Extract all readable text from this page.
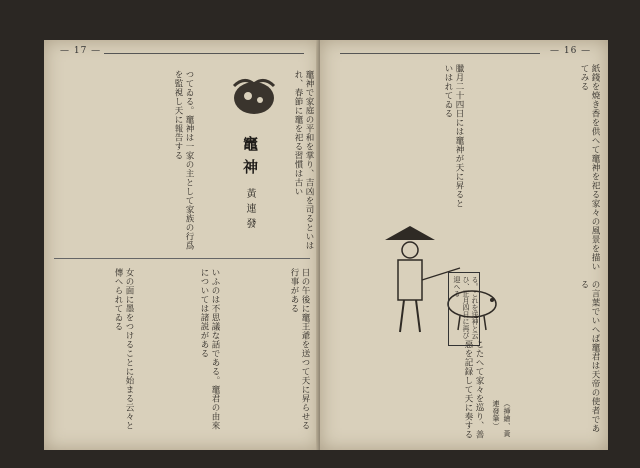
— 17 —
竈神
黃連發	竈神で家庭の平和を掌り、吉凶を司るといはれ、春節に竈を祀る習慣は古い
つてゐる。竈神は一家の主として家族の行爲を監視し天に報告する
日の午後に竈王爺を送つて天に昇らせる行事がある
いふのは不思議な話である。竈君の由來については諸説がある
女の面に墨をつけることに始まる云々と傳へられてゐる
— 16 —
紙錢を焼き香を供へて竈神を祀る家々の風景を描いてみる
臘月二十四日には竈神が天に昇るといはれてゐる
る。これを送神と云ひ、正月四日に再び迎へる	の言葉でいへば竈君は天帝の使者である
こたへて家々を巡り、善惡を記録して天に奏する	（挿繪、黃連發筆）
